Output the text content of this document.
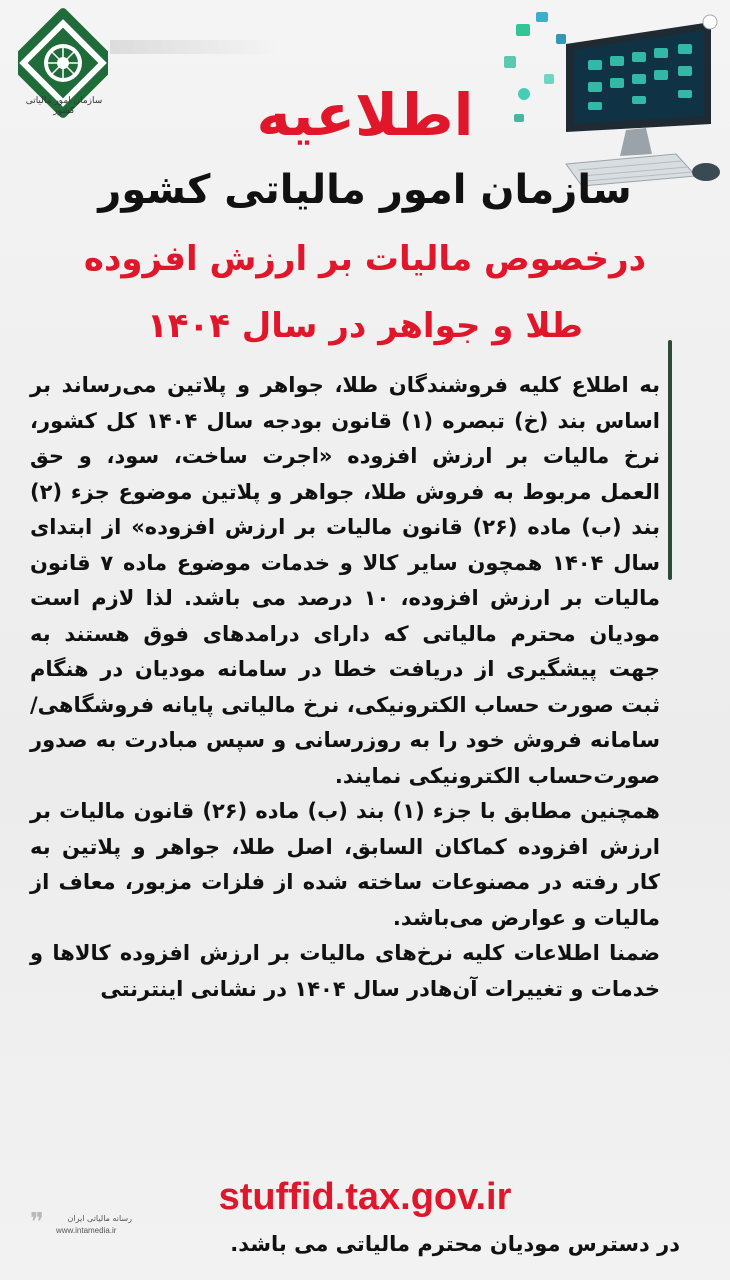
سازمان امور مالیاتی کشور	اطلاعیه
سازمان امور مالیاتی کشور
درخصوص مالیات بر ارزش افزوده
طلا و جواهر در سال ۱۴۰۴

به اطلاع کلیه فروشندگان طلا، جواهر و پلاتین می‌رساند بر اساس بند (خ) تبصره (۱) قانون بودجه سال ۱۴۰۴ کل کشور، نرخ مالیات بر ارزش افزوده «اجرت ساخت، سود، و حق العمل مربوط به فروش طلا، جواهر و پلاتین موضوع جزء (۲) بند (ب) ماده (۲۶) قانون مالیات بر ارزش افزوده» از ابتدای سال ۱۴۰۴ همچون سایر کالا و خدمات موضوع ماده ۷ قانون مالیات بر ارزش افزوده، ۱۰ درصد می باشد. لذا لازم است مودیان محترم مالیاتی که دارای درامدهای فوق هستند به جهت پیشگیری از دریافت خطا در سامانه مودیان در هنگام ثبت صورت حساب الکترونیکی، نرخ مالیاتی پایانه فروشگاهی/ سامانه فروش خود را به روزرسانی و سپس مبادرت به صدور صورت‌حساب الکترونیکی نمایند.

همچنین مطابق با جزء (۱) بند (ب) ماده (۲۶) قانون مالیات بر ارزش افزوده کماکان السابق، اصل طلا، جواهر و پلاتین به کار رفته در مصنوعات ساخته شده از فلزات مزبور، معاف از مالیات و عوارض می‌باشد.

ضمنا اطلاعات کلیه نرخ‌های مالیات بر ارزش افزوده کالاها و خدمات و تغییرات آن‌هادر سال ۱۴۰۴ در نشانی اینترنتی

stuffid.tax.gov.ir
در دسترس مودیان محترم مالیاتی می باشد.
❞	رسانه مالیاتی ایران
www.intamedia.ir
